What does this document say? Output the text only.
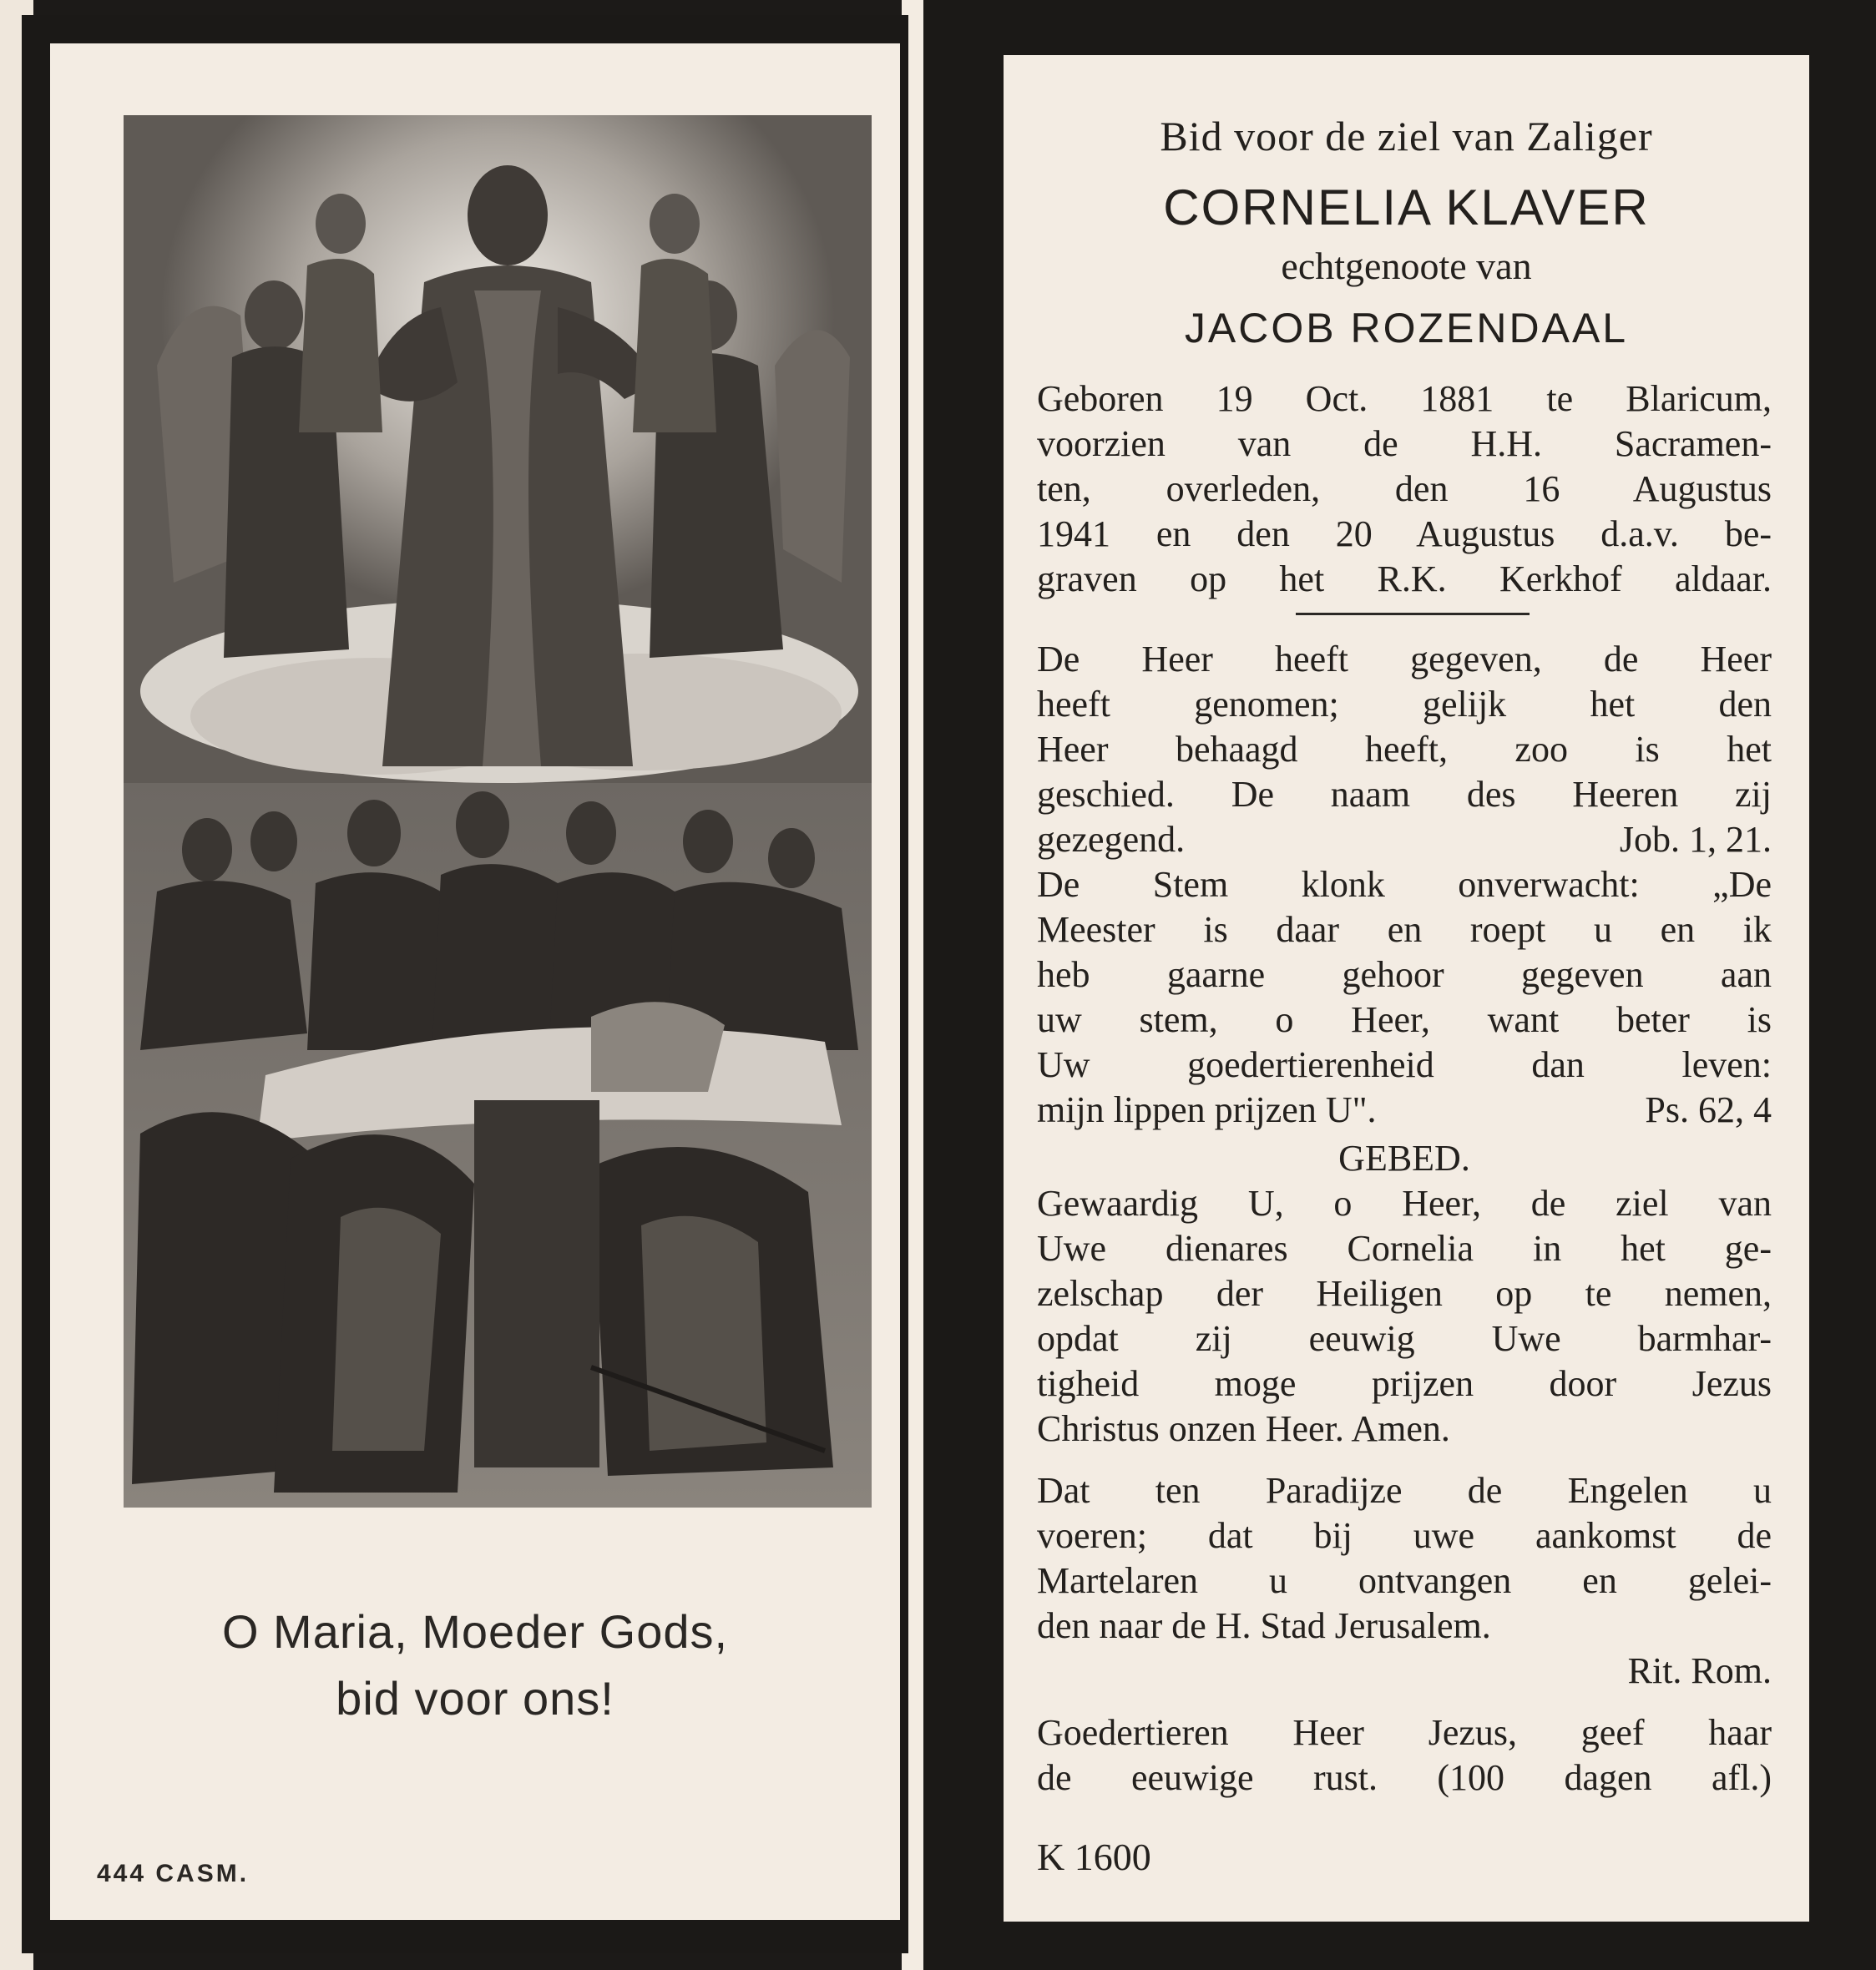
O Maria, Moeder Gods,
bid voor ons!
444 CASM.
Bid voor de ziel van Zaliger
CORNELIA KLAVER
echtgenoote van
JACOB ROZENDAAL
Geboren 19 Oct. 1881 te Blaricum,
voorzien van de H.H. Sacramen-
ten, overleden, den 16 Augustus
1941 en den 20 Augustus d.a.v. be-
graven op het R.K. Kerkhof aldaar.
De Heer heeft gegeven, de Heer
heeft genomen; gelijk het den
Heer behaagd heeft, zoo is het
geschied. De naam des Heeren zij
gezegend.	Job. 1, 21.
De Stem klonk onverwacht: „De
Meester is daar en roept u en ik
heb gaarne gehoor gegeven aan
uw stem, o Heer, want beter is
Uw goedertierenheid dan leven:
mijn lippen prijzen U".	Ps. 62, 4
GEBED.
Gewaardig U, o Heer, de ziel van
Uwe dienares Cornelia in het ge-
zelschap der Heiligen op te nemen,
opdat zij eeuwig Uwe barmhar-
tigheid moge prijzen door Jezus
Christus onzen Heer. Amen.
Dat ten Paradijze de Engelen u
voeren; dat bij uwe aankomst de
Martelaren u ontvangen en gelei-
den naar de H. Stad Jerusalem.
Rit. Rom.
Goedertieren Heer Jezus, geef haar
de eeuwige rust. (100 dagen afl.)
K 1600
